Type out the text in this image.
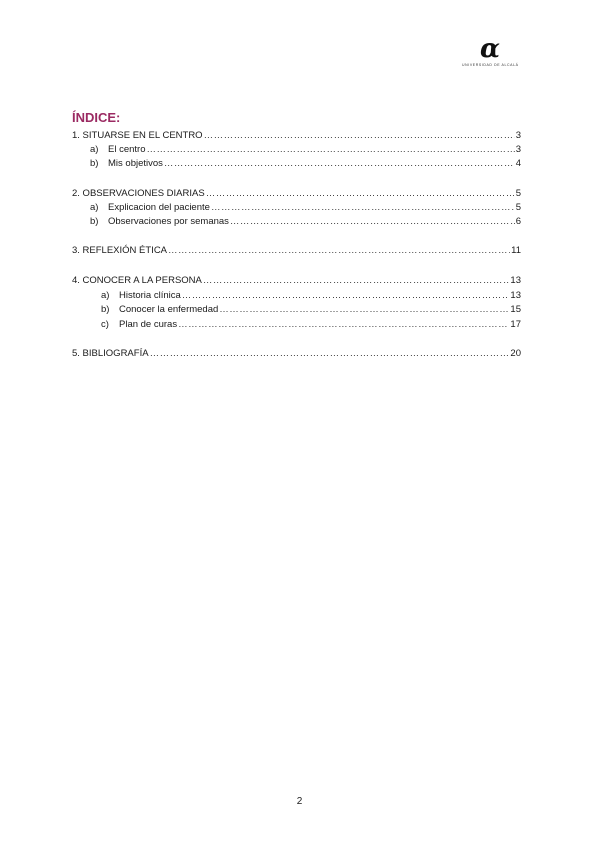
α
UNIVERSIDAD DE ALCALÁ
ÍNDICE:
1. SITUARSE EN EL CENTRO ………………………………………………………………………………………………………………………………………………………………	3
a)	El centro ………………………………………………………………………………………………………………………………………………………………	3
b)	Mis objetivos ………………………………………………………………………………………………………………………………………………………………	4
2. OBSERVACIONES DIARIAS ………………………………………………………………………………………………………………………………………………………………	5
a)	Explicacion del paciente ………………………………………………………………………………………………………………………………………………………………	5
b)	Observaciones por semanas ………………………………………………………………………………………………………………………………………………………………	6
3. REFLEXIÓN ÉTICA ………………………………………………………………………………………………………………………………………………………………	11
4. CONOCER A LA PERSONA ………………………………………………………………………………………………………………………………………………………………	13
a)	Historia clínica ………………………………………………………………………………………………………………………………………………………………	13
b)	Conocer la enfermedad ………………………………………………………………………………………………………………………………………………………………	15
c)	Plan de curas ………………………………………………………………………………………………………………………………………………………………	17
5. BIBLIOGRAFÍA ………………………………………………………………………………………………………………………………………………………………	20
2
